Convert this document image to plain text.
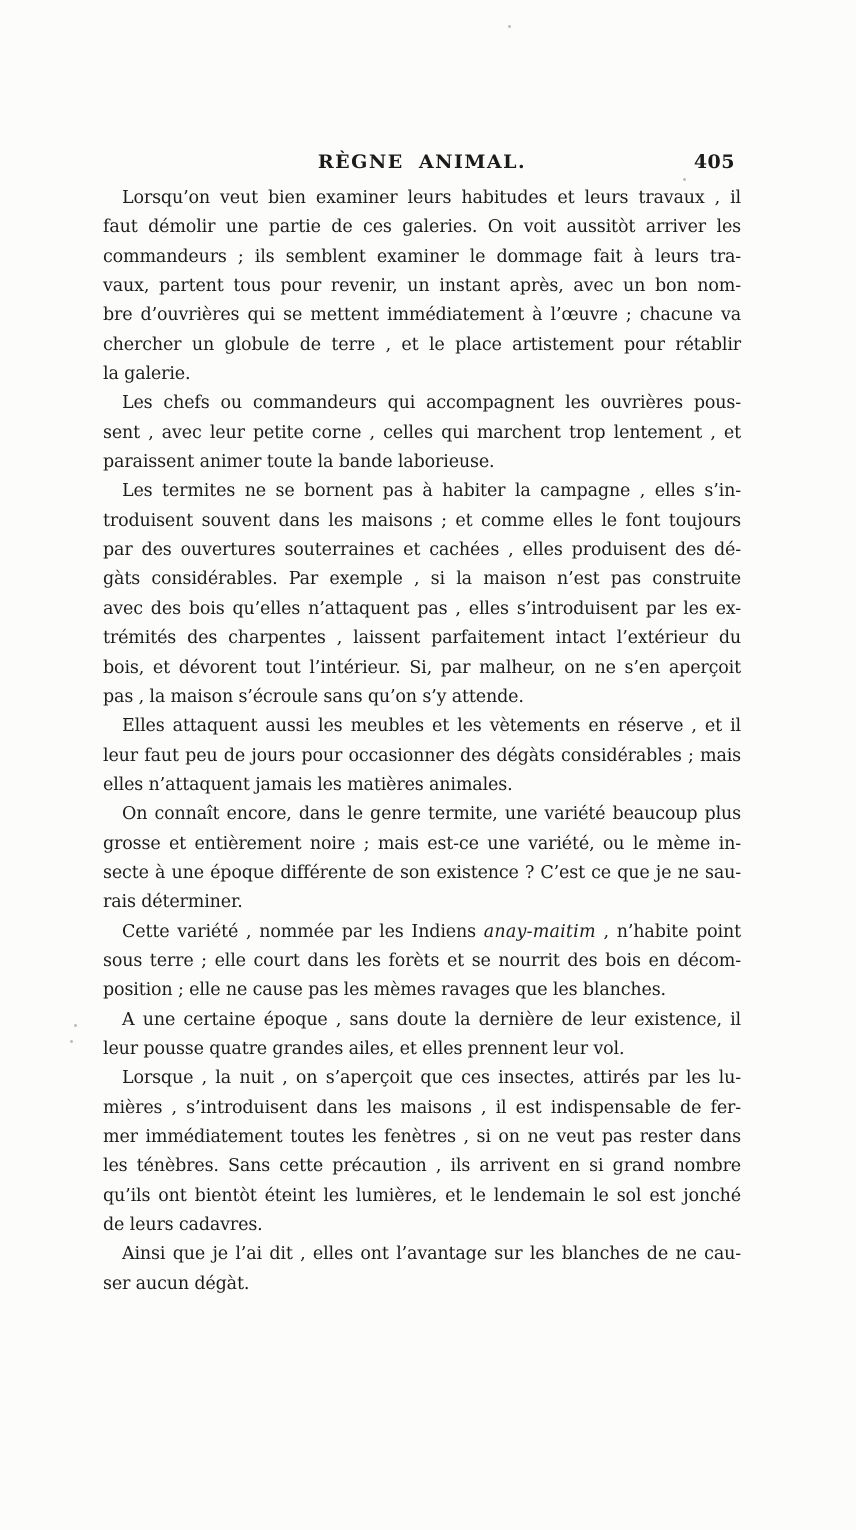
RÈGNE ANIMAL.	405
Lorsqu’on veut bien examiner leurs habitudes et leurs travaux , il
faut démolir une partie de ces galeries. On voit aussitòt arriver les
commandeurs ; ils semblent examiner le dommage fait à leurs tra-
vaux, partent tous pour revenir, un instant après, avec un bon nom-
bre d’ouvrières qui se mettent immédiatement à l’œuvre ; chacune va
chercher un globule de terre , et le place artistement pour rétablir
la galerie.
Les chefs ou commandeurs qui accompagnent les ouvrières pous-
sent , avec leur petite corne , celles qui marchent trop lentement , et
paraissent animer toute la bande laborieuse.
Les termites ne se bornent pas à habiter la campagne , elles s’in-
troduisent souvent dans les maisons ; et comme elles le font toujours
par des ouvertures souterraines et cachées , elles produisent des dé-
gàts considérables. Par exemple , si la maison n’est pas construite
avec des bois qu’elles n’attaquent pas , elles s’introduisent par les ex-
trémités des charpentes , laissent parfaitement intact l’extérieur du
bois, et dévorent tout l’intérieur. Si, par malheur, on ne s’en aperçoit
pas , la maison s’écroule sans qu’on s’y attende.
Elles attaquent aussi les meubles et les vètements en réserve , et il
leur faut peu de jours pour occasionner des dégàts considérables ; mais
elles n’attaquent jamais les matières animales.
On connaît encore, dans le genre termite, une variété beaucoup plus
grosse et entièrement noire ; mais est-ce une variété, ou le mème in-
secte à une époque différente de son existence ? C’est ce que je ne sau-
rais déterminer.
Cette variété , nommée par les Indiens anay-maitim , n’habite point
sous terre ; elle court dans les forèts et se nourrit des bois en décom-
position ; elle ne cause pas les mèmes ravages que les blanches.
A une certaine époque , sans doute la dernière de leur existence, il
leur pousse quatre grandes ailes, et elles prennent leur vol.
Lorsque , la nuit , on s’aperçoit que ces insectes, attirés par les lu-
mières , s’introduisent dans les maisons , il est indispensable de fer-
mer immédiatement toutes les fenètres , si on ne veut pas rester dans
les ténèbres. Sans cette précaution , ils arrivent en si grand nombre
qu’ils ont bientòt éteint les lumières, et le lendemain le sol est jonché
de leurs cadavres.
Ainsi que je l’ai dit , elles ont l’avantage sur les blanches de ne cau-
ser aucun dégàt.
